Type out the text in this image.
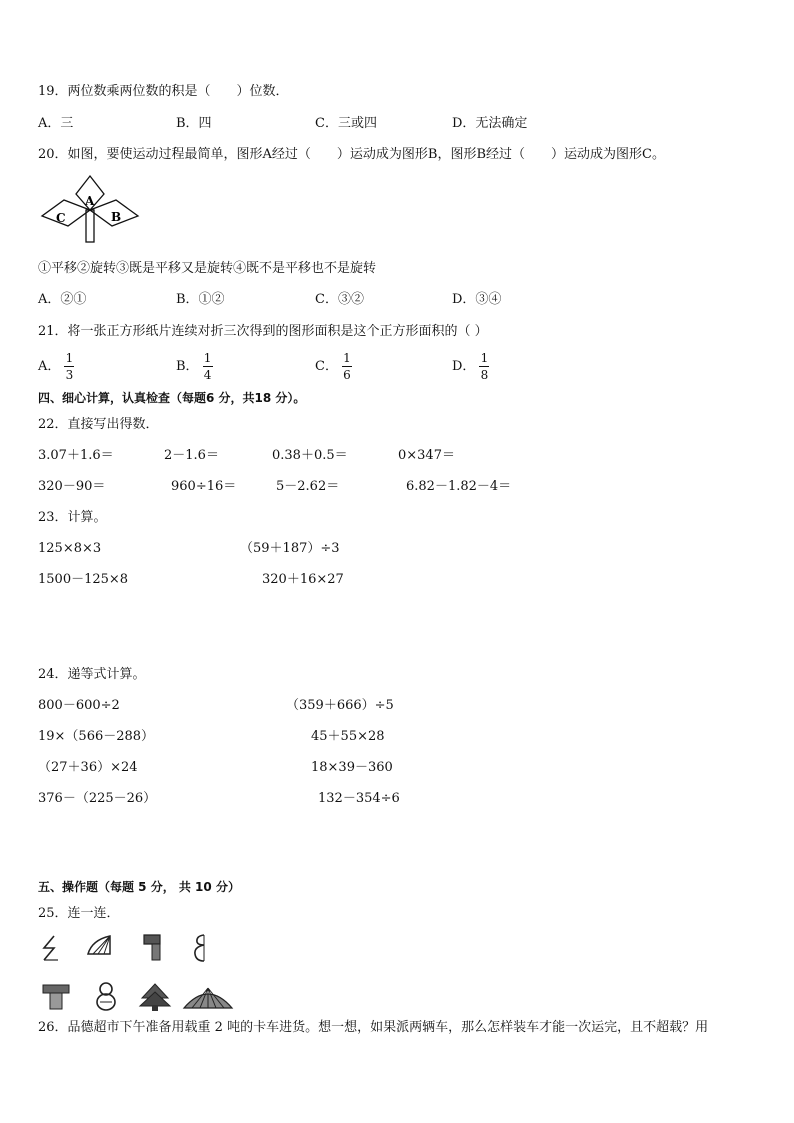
19．两位数乘两位数的积是（　　）位数．
A．三	B．四	C．三或四	D．无法确定
20．如图，要使运动过程最简单，图形A经过（　　）运动成为图形B，图形B经过（　　）运动成为图形C。
A
B
C
①平移②旋转③既是平移又是旋转④既不是平移也不是旋转
A．②①	B．①②	C．③②	D．③④
21．将一张正方形纸片连续对折三次得到的图形面积是这个正方形面积的（ ）
A． $\frac{1}{3}$	B． $\frac{1}{4}$	C． $\frac{1}{6}$	D． $\frac{1}{8}$
四、细心计算，认真检查（每题6 分，共18 分）。
22．直接写出得数．
3.07＋1.6＝	2－1.6＝	0.38＋0.5＝	0×347＝
320－90＝	960÷16＝	5－2.62＝	6.82－1.82－4＝
23．计算。
125×8×3	（59＋187）÷3
1500－125×8	320＋16×27
24．递等式计算。
800－600÷2	（359＋666）÷5
19×（566－288）	45＋55×28
（27＋36）×24	18×39－360
376－（225－26）	132－354÷6
五、操作题（每题 5 分， 共 10 分）
25．连一连．
26．品德超市下午准备用载重 2 吨的卡车进货。想一想，如果派两辆车，那么怎样装车才能一次运完，且不超载？用
